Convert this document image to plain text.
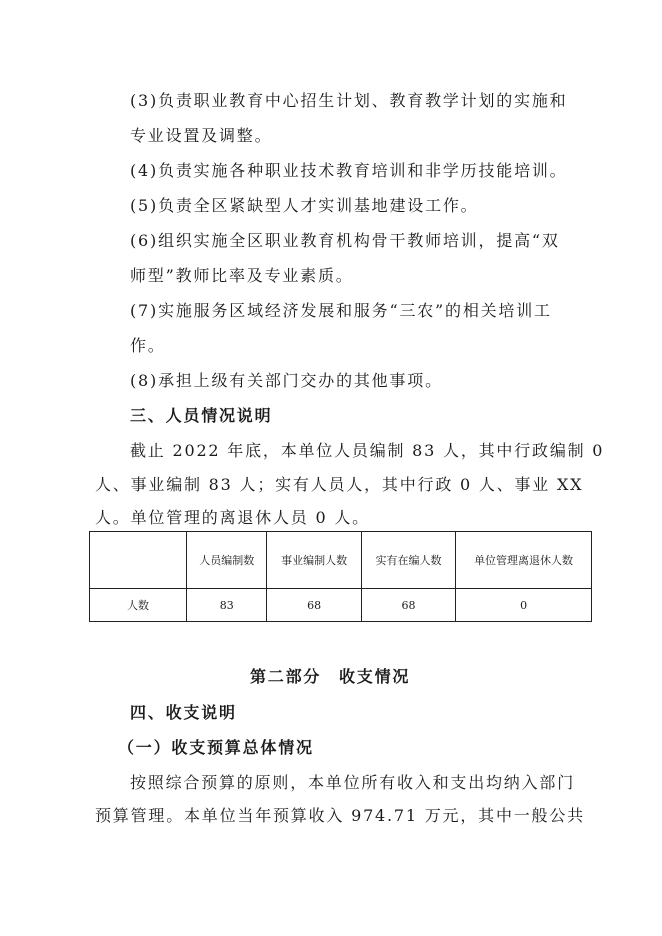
(3)负责职业教育中心招生计划、教育教学计划的实施和
专业设置及调整。
(4)负责实施各种职业技术教育培训和非学历技能培训。
(5)负责全区紧缺型人才实训基地建设工作。
(6)组织实施全区职业教育机构骨干教师培训，提高“双
师型”教师比率及专业素质。
(7)实施服务区域经济发展和服务“三农”的相关培训工
作。
(8)承担上级有关部门交办的其他事项。
三、人员情况说明
截止 2022 年底，本单位人员编制 83 人，其中行政编制 0
人、事业编制 83 人；实有人员人，其中行政 0 人、事业 XX
人。单位管理的离退休人员 0 人。
	人员编制数	事业编制人数	实有在编人数	单位管理离退休人数
人数	83	68	68	0
第二部分　收支情况
四、收支说明
（一）收支预算总体情况
按照综合预算的原则，本单位所有收入和支出均纳入部门
预算管理。本单位当年预算收入 974.71 万元，其中一般公共
